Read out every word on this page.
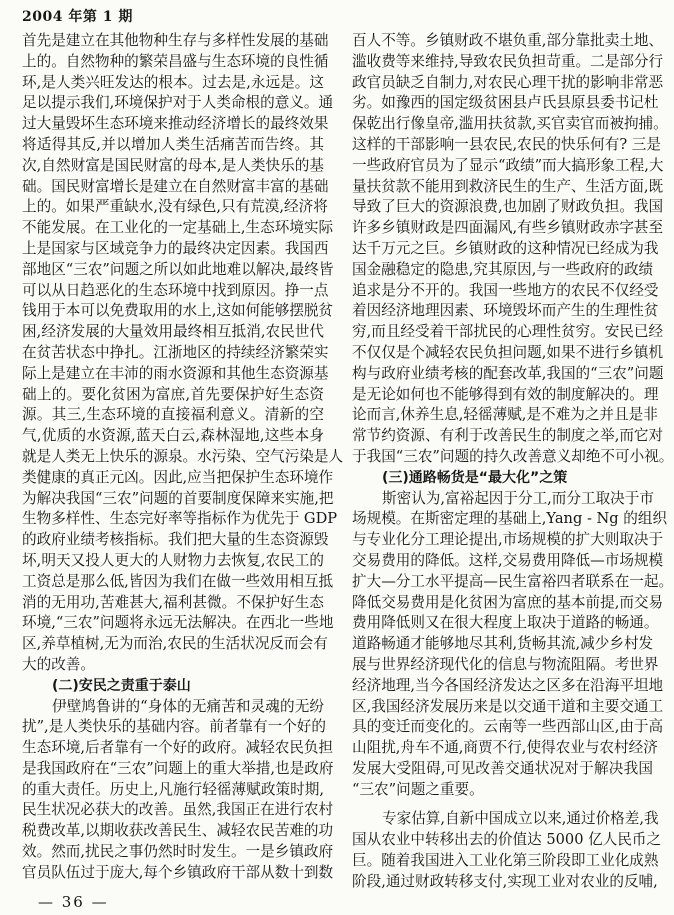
2004 年第 1 期
首先是建立在其他物种生存与多样性发展的基础
上的。自然物种的繁荣昌盛与生态环境的良性循
环,是人类兴旺发达的根本。过去是,永远是。这
足以提示我们,环境保护对于人类命根的意义。通
过大量毁坏生态环境来推动经济增长的最终效果
将适得其反,并以增加人类生活痛苦而告终。其
次,自然财富是国民财富的母本,是人类快乐的基
础。国民财富增长是建立在自然财富丰富的基础
上的。如果严重缺水,没有绿色,只有荒漠,经济将
不能发展。在工业化的一定基础上,生态环境实际
上是国家与区域竞争力的最终决定因素。我国西
部地区“三农”问题之所以如此地难以解决,最终皆
可以从日趋恶化的生态环境中找到原因。挣一点
钱用于本可以免费取用的水上,这如何能够摆脱贫
困,经济发展的大量效用最终相互抵消,农民世代
在贫苦状态中挣扎。江浙地区的持续经济繁荣实
际上是建立在丰沛的雨水资源和其他生态资源基
础上的。要化贫困为富庶,首先要保护好生态资
源。其三,生态环境的直接福利意义。清新的空
气,优质的水资源,蓝天白云,森林湿地,这些本身
就是人类无上快乐的源泉。水污染、空气污染是人
类健康的真正元凶。因此,应当把保护生态环境作
为解决我国“三农”问题的首要制度保障来实施,把
生物多样性、生态完好率等指标作为优先于 GDP
的政府业绩考核指标。我们把大量的生态资源毁
坏,明天又投人更大的人财物力去恢复,农民工的
工资总是那么低,皆因为我们在做一些效用相互抵
消的无用功,苦难甚大,福利甚微。不保护好生态
环境,“三农”问题将永远无法解决。在西北一些地
区,养草植树,无为而治,农民的生活状况反而会有
大的改善。
(二)安民之责重于泰山
伊壁鸠鲁讲的“身体的无痛苦和灵魂的无纷
扰”,是人类快乐的基础内容。前者靠有一个好的
生态环境,后者靠有一个好的政府。减轻农民负担
是我国政府在“三农”问题上的重大举措,也是政府
的重大责任。历史上,凡施行轻徭薄赋政策时期,
民生状况必获大的改善。虽然,我国正在进行农村
税费改革,以期收获改善民生、减轻农民苦难的功
效。然而,扰民之事仍然时时发生。一是乡镇政府
官员队伍过于庞大,每个乡镇政府干部从数十到数
百人不等。乡镇财政不堪负重,部分靠批卖土地、
滥收费等来维持,导致农民负担苛重。二是部分行
政官员缺乏自制力,对农民心理干扰的影响非常恶
劣。如豫西的国定级贫困县卢氏县原县委书记杜
保乾出行像皇帝,滥用扶贫款,买官卖官而被拘捕。
这样的干部影响一县农民,农民的快乐何有? 三是
一些政府官员为了显示“政绩”而大搞形象工程,大
量扶贫款不能用到救济民生的生产、生活方面,既
导致了巨大的资源浪费,也加剧了财政负担。我国
许多乡镇财政是四面漏风,有些乡镇财政赤字甚至
达千万元之巨。乡镇财政的这种情况已经成为我
国金融稳定的隐患,究其原因,与一些政府的政绩
追求是分不开的。我国一些地方的农民不仅经受
着因经济地理因素、环境毁坏而产生的生理性贫
穷,而且经受着干部扰民的心理性贫穷。安民已经
不仅仅是个减轻农民负担问题,如果不进行乡镇机
构与政府业绩考核的配套改革,我国的“三农”问题
是无论如何也不能够得到有效的制度解决的。理
论而言,休养生息,轻徭薄赋,是不难为之并且是非
常节约资源、有利于改善民生的制度之举,而它对
于我国“三农”问题的持久改善意义却绝不可小视。
(三)通路畅货是“最大化”之策
斯密认为,富裕起因于分工,而分工取决于市
场规模。在斯密定理的基础上,Yang - Ng 的组织
与专业化分工理论提出,市场规模的扩大则取决于
交易费用的降低。这样,交易费用降低—市场规模
扩大—分工水平提高—民生富裕四者联系在一起。
降低交易费用是化贫困为富庶的基本前提,而交易
费用降低则又在很大程度上取决于道路的畅通。
道路畅通才能够地尽其利,货畅其流,减少乡村发
展与世界经济现代化的信息与物流阻隔。考世界
经济地理,当今各国经济发达之区多在沿海平坦地
区,我国经济发展历来是以交通干道和主要交通工
具的变迁而变化的。云南等一些西部山区,由于高
山阻扰,舟车不通,商贾不行,使得农业与农村经济
发展大受阻碍,可见改善交通状况对于解决我国
“三农”问题之重要。
专家估算,自新中国成立以来,通过价格差,我
国从农业中转移出去的价值达 5000 亿人民币之
巨。随着我国进入工业化第三阶段即工业化成熟
阶段,通过财政转移支付,实现工业对农业的反哺,
— 36 —
